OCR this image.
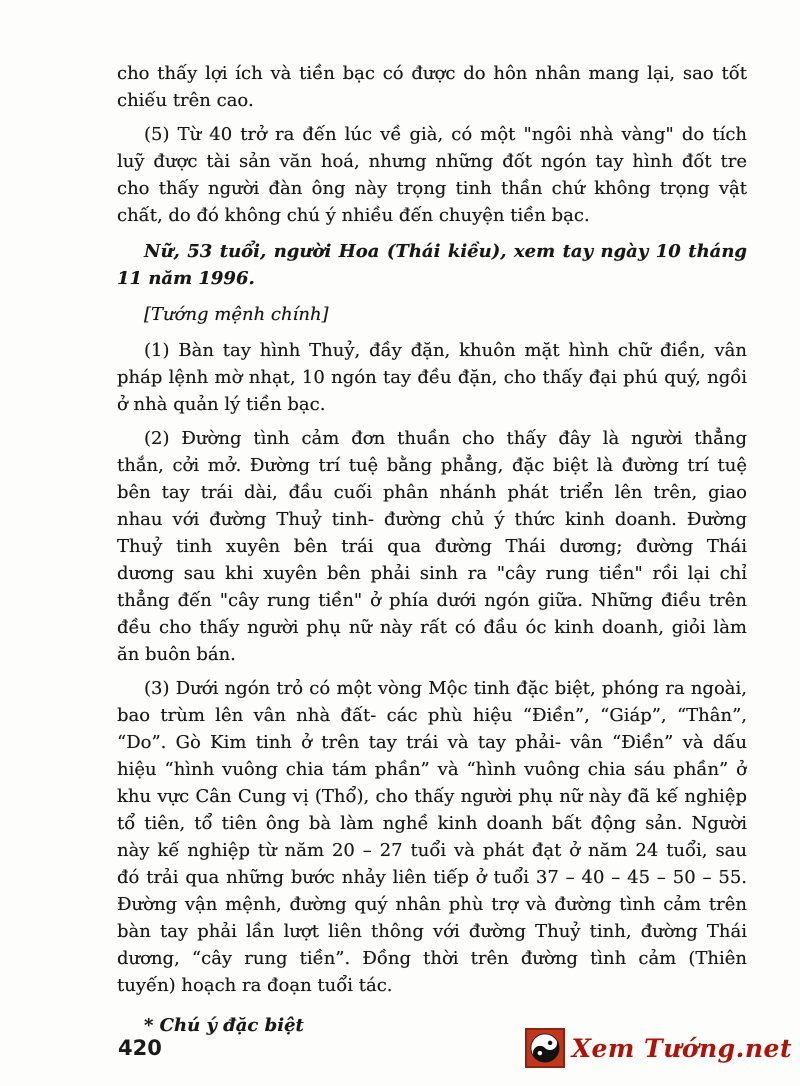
cho thấy lợi ích và tiền bạc có được do hôn nhân mang lại, sao tốt
chiếu trên cao.
(5) Từ 40 trở ra đến lúc về già, có một "ngôi nhà vàng" do tích
luỹ được tài sản văn hoá, nhưng những đốt ngón tay hình đốt tre
cho thấy người đàn ông này trọng tinh thần chứ không trọng vật
chất, do đó không chú ý nhiều đến chuyện tiền bạc.
Nữ, 53 tuổi, người Hoa (Thái kiều), xem tay ngày 10 tháng
11 năm 1996.
[Tướng mệnh chính]
(1) Bàn tay hình Thuỷ, đầy đặn, khuôn mặt hình chữ điền, vân
pháp lệnh mờ nhạt, 10 ngón tay đều đặn, cho thấy đại phú quý, ngồi
ở nhà quản lý tiền bạc.
(2) Đường tình cảm đơn thuần cho thấy đây là người thẳng
thắn, cởi mở. Đường trí tuệ bằng phẳng, đặc biệt là đường trí tuệ
bên tay trái dài, đầu cuối phân nhánh phát triển lên trên, giao
nhau với đường Thuỷ tinh- đường chủ ý thức kinh doanh. Đường
Thuỷ tinh xuyên bên trái qua đường Thái dương; đường Thái
dương sau khi xuyên bên phải sinh ra "cây rung tiền" rồi lại chỉ
thẳng đến "cây rung tiền" ở phía dưới ngón giữa. Những điều trên
đều cho thấy người phụ nữ này rất có đầu óc kinh doanh, giỏi làm
ăn buôn bán.
(3) Dưới ngón trỏ có một vòng Mộc tinh đặc biệt, phóng ra ngoài,
bao trùm lên vân nhà đất- các phù hiệu “Điền”, “Giáp”, “Thân”,
“Do”. Gò Kim tinh ở trên tay trái và tay phải- vân “Điền” và dấu
hiệu “hình vuông chia tám phần” và “hình vuông chia sáu phần” ở
khu vực Cân Cung vị (Thổ), cho thấy người phụ nữ này đã kế nghiệp
tổ tiên, tổ tiên ông bà làm nghề kinh doanh bất động sản. Người
này kế nghiệp từ năm 20 – 27 tuổi và phát đạt ở năm 24 tuổi, sau
đó trải qua những bước nhảy liên tiếp ở tuổi 37 – 40 – 45 – 50 – 55.
Đường vận mệnh, đường quý nhân phù trợ và đường tình cảm trên
bàn tay phải lần lượt liên thông với đường Thuỷ tinh, đường Thái
dương, “cây rung tiền”. Đồng thời trên đường tình cảm (Thiên
tuyến) hoạch ra đoạn tuổi tác.
* Chú ý đặc biệt
420	Xem Tướng.net
